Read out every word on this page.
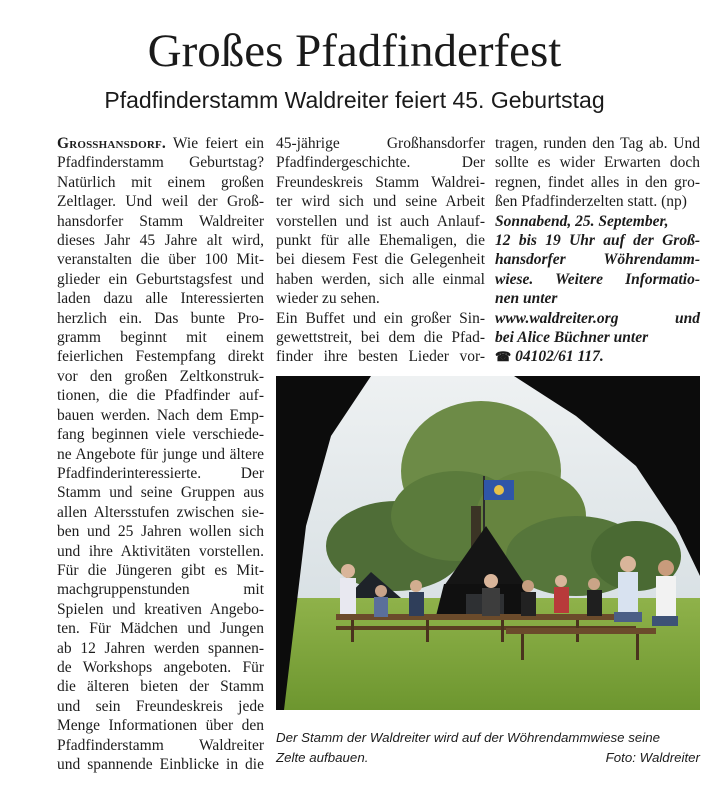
Großes Pfadfinderfest
Pfadfinderstamm Waldreiter feiert 45. Geburtstag
Großhansdorf. Wie feiert ein
Pfadfinderstamm Geburtstag?
Natürlich mit einem großen
Zeltlager. Und weil der Groß-
hansdorfer Stamm Waldreiter
dieses Jahr 45 Jahre alt wird,
veranstalten die über 100 Mit-
glieder ein Geburtstagsfest und
laden dazu alle Interessierten
herzlich ein. Das bunte Pro-
gramm beginnt mit einem
feierlichen Festempfang direkt
vor den großen Zeltkonstruk-
tionen, die die Pfadfinder auf-
bauen werden. Nach dem Emp-
fang beginnen viele verschiede-
ne Angebote für junge und ältere
Pfadfinderinteressierte. Der
Stamm und seine Gruppen aus
allen Altersstufen zwischen sie-
ben und 25 Jahren wollen sich
und ihre Aktivitäten vorstellen.
Für die Jüngeren gibt es Mit-
machgruppenstunden mit
Spielen und kreativen Angebo-
ten. Für Mädchen und Jungen
ab 12 Jahren werden spannen-
de Workshops angeboten. Für
die älteren bieten der Stamm
und sein Freundeskreis jede
Menge Informationen über den
Pfadfinderstamm Waldreiter
und spannende Einblicke in die
45-jährige Großhansdorfer
Pfadfindergeschichte. Der
Freundeskreis Stamm Waldrei-
ter wird sich und seine Arbeit
vorstellen und ist auch Anlauf-
punkt für alle Ehemaligen, die
bei diesem Fest die Gelegenheit
haben werden, sich alle einmal
wieder zu sehen.
Ein Buffet und ein großer Sin-
gewettstreit, bei dem die Pfad-
finder ihre besten Lieder vor-
tragen, runden den Tag ab. Und
sollte es wider Erwarten doch
regnen, findet alles in den gro-
ßen Pfadfinderzelten statt. (np)
Sonnabend, 25. September,
12 bis 19 Uhr auf der Groß-
hansdorfer Wöhrendamm-
wiese. Weitere Informatio-
nen unter
www.waldreiter.org und
bei Alice Büchner unter
☎ 04102/61 117.
Der Stamm der Waldreiter wird auf der Wöhrendammwiese seine
Zelte aufbauen.	Foto: Waldreiter
